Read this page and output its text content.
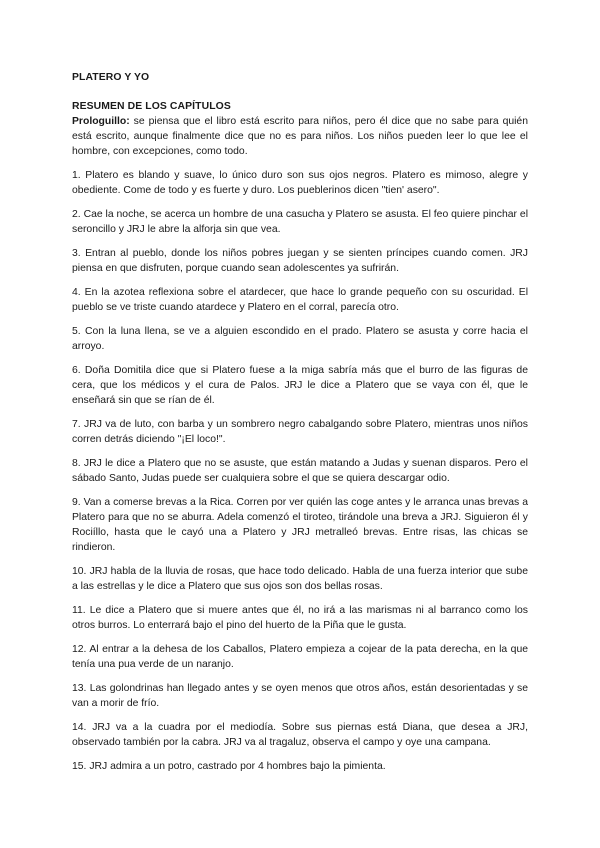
PLATERO Y YO

RESUMEN DE LOS CAPÍTULOS

Prologuillo: se piensa que el libro está escrito para niños, pero él dice que no sabe para quién está escrito, aunque finalmente dice que no es para niños. Los niños pueden leer lo que lee el hombre, con excepciones, como todo.

1. Platero es blando y suave, lo único duro son sus ojos negros. Platero es mimoso, alegre y obediente. Come de todo y es fuerte y duro. Los pueblerinos dicen "tien' asero".

2. Cae la noche, se acerca un hombre de una casucha y Platero se asusta. El feo quiere pinchar el seroncillo y JRJ le abre la alforja sin que vea.

3. Entran al pueblo, donde los niños pobres juegan y se sienten príncipes cuando comen. JRJ piensa en que disfruten, porque cuando sean adolescentes ya sufrirán.

4. En la azotea reflexiona sobre el atardecer, que hace lo grande pequeño con su oscuridad. El pueblo se ve triste cuando atardece y Platero en el corral, parecía otro.

5. Con la luna llena, se ve a alguien escondido en el prado. Platero se asusta y corre hacia el arroyo.

6. Doña Domitila dice que si Platero fuese a la miga sabría más que el burro de las figuras de cera, que los médicos y el cura de Palos. JRJ le dice a Platero que se vaya con él, que le enseñará sin que se rían de él.

7. JRJ va de luto, con barba y un sombrero negro cabalgando sobre Platero, mientras unos niños corren detrás diciendo "¡El loco!".

8. JRJ le dice a Platero que no se asuste, que están matando a Judas y suenan disparos. Pero el sábado Santo, Judas puede ser cualquiera sobre el que se quiera descargar odio.

9. Van a comerse brevas a la Rica. Corren por ver quién las coge antes y le arranca unas brevas a Platero para que no se aburra. Adela comenzó el tiroteo, tirándole una breva a JRJ. Siguieron él y Rociíllo, hasta que le cayó una a Platero y JRJ metralleó brevas. Entre risas, las chicas se rindieron.

10. JRJ habla de la lluvia de rosas, que hace todo delicado. Habla de una fuerza interior que sube a las estrellas y le dice a Platero que sus ojos son dos bellas rosas.

11. Le dice a Platero que si muere antes que él, no irá a las marismas ni al barranco como los otros burros. Lo enterrará bajo el pino del huerto de la Piña que le gusta.

12. Al entrar a la dehesa de los Caballos, Platero empieza a cojear de la pata derecha, en la que tenía una pua verde de un naranjo.

13. Las golondrinas han llegado antes y se oyen menos que otros años, están desorientadas y se van a morir de frío.

14. JRJ va a la cuadra por el mediodía. Sobre sus piernas está Diana, que desea a JRJ, observado también por la cabra. JRJ va al tragaluz, observa el campo y oye una campana.

15. JRJ admira a un potro, castrado por 4 hombres bajo la pimienta.
